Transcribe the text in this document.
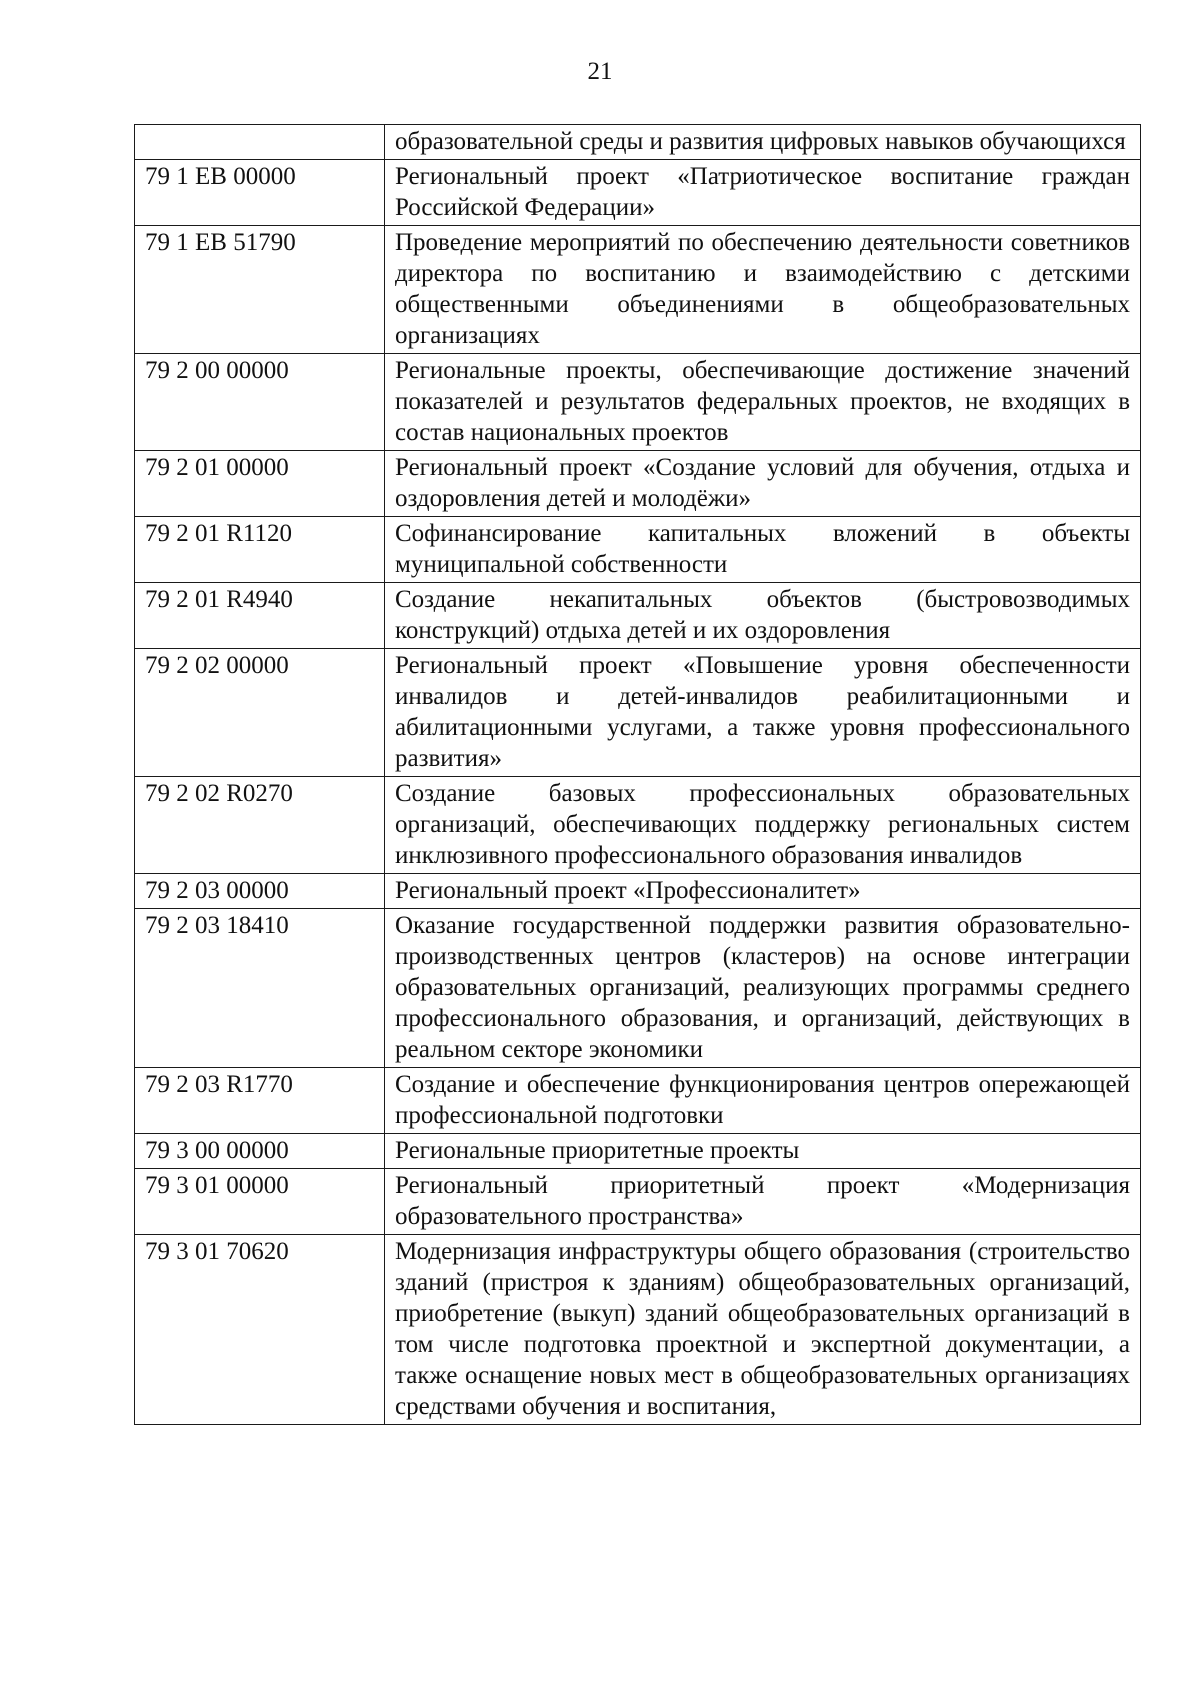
21
	образовательной среды и развития цифровых навыков обучающихся
79 1 EB 00000	Региональный проект «Патриотическое воспитание граждан Российской Федерации»
79 1 EB 51790	Проведение мероприятий по обеспечению деятельности советников директора по воспитанию и взаимодействию с детскими общественными объединениями в общеобразовательных организациях
79 2 00 00000	Региональные проекты, обеспечивающие достижение значений показателей и результатов федеральных проектов, не входящих в состав национальных проектов
79 2 01 00000	Региональный проект «Создание условий для обучения, отдыха и оздоровления детей и молодёжи»
79 2 01 R1120	Софинансирование капитальных вложений в объекты муниципальной собственности
79 2 01 R4940	Создание некапитальных объектов (быстровозводимых конструкций) отдыха детей и их оздоровления
79 2 02 00000	Региональный проект «Повышение уровня обеспеченности инвалидов и детей-инвалидов реабилитационными и абилитационными услугами, а также уровня профессионального развития»
79 2 02 R0270	Создание базовых профессиональных образовательных организаций, обеспечивающих поддержку региональных систем инклюзивного профессионального образования инвалидов
79 2 03 00000	Региональный проект «Профессионалитет»
79 2 03 18410	Оказание государственной поддержки развития образовательно-производственных центров (кластеров) на основе интеграции образовательных организаций, реализующих программы среднего профессионального образования, и организаций, действующих в реальном секторе экономики
79 2 03 R1770	Создание и обеспечение функционирования центров опережающей профессиональной подготовки
79 3 00 00000	Региональные приоритетные проекты
79 3 01 00000	Региональный приоритетный проект «Модернизация образовательного пространства»
79 3 01 70620	Модернизация инфраструктуры общего образования (строительство зданий (пристроя к зданиям) общеобразовательных организаций, приобретение (выкуп) зданий общеобразовательных организаций в том числе подготовка проектной и экспертной документации, а также оснащение новых мест в общеобразовательных организациях средствами обучения и воспитания,
